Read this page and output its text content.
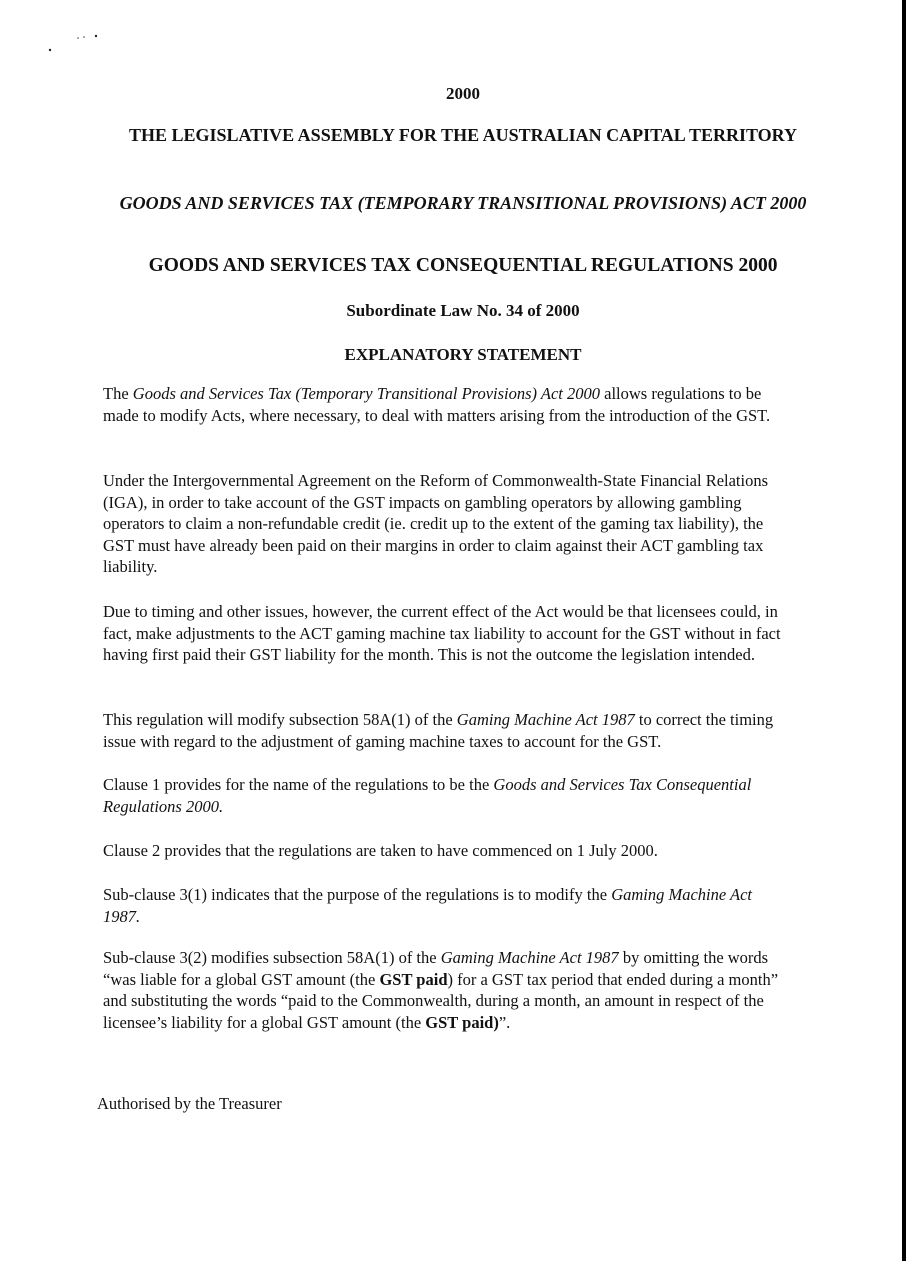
2000
THE LEGISLATIVE ASSEMBLY FOR THE AUSTRALIAN CAPITAL TERRITORY
GOODS AND SERVICES TAX (TEMPORARY TRANSITIONAL PROVISIONS) ACT 2000
GOODS AND SERVICES TAX CONSEQUENTIAL REGULATIONS 2000
Subordinate Law No. 34 of 2000
EXPLANATORY STATEMENT

The Goods and Services Tax (Temporary Transitional Provisions) Act 2000 allows regulations to be made to modify Acts, where necessary, to deal with matters arising from the introduction of the GST.

Under the Intergovernmental Agreement on the Reform of Commonwealth-State Financial Relations (IGA), in order to take account of the GST impacts on gambling operators by allowing gambling operators to claim a non-refundable credit (ie. credit up to the extent of the gaming tax liability), the GST must have already been paid on their margins in order to claim against their ACT gambling tax liability.

Due to timing and other issues, however, the current effect of the Act would be that licensees could, in fact, make adjustments to the ACT gaming machine tax liability to account for the GST without in fact having first paid their GST liability for the month. This is not the outcome the legislation intended.

This regulation will modify subsection 58A(1) of the Gaming Machine Act 1987 to correct the timing issue with regard to the adjustment of gaming machine taxes to account for the GST.

Clause 1 provides for the name of the regulations to be the Goods and Services Tax Consequential Regulations 2000.

Clause 2 provides that the regulations are taken to have commenced on 1 July 2000.

Sub-clause 3(1) indicates that the purpose of the regulations is to modify the Gaming Machine Act 1987.

Sub-clause 3(2) modifies subsection 58A(1) of the Gaming Machine Act 1987 by omitting the words “was liable for a global GST amount (the GST paid) for a GST tax period that ended during a month” and substituting the words “paid to the Commonwealth, during a month, an amount in respect of the licensee’s liability for a global GST amount (the GST paid)”.

Authorised by the Treasurer
